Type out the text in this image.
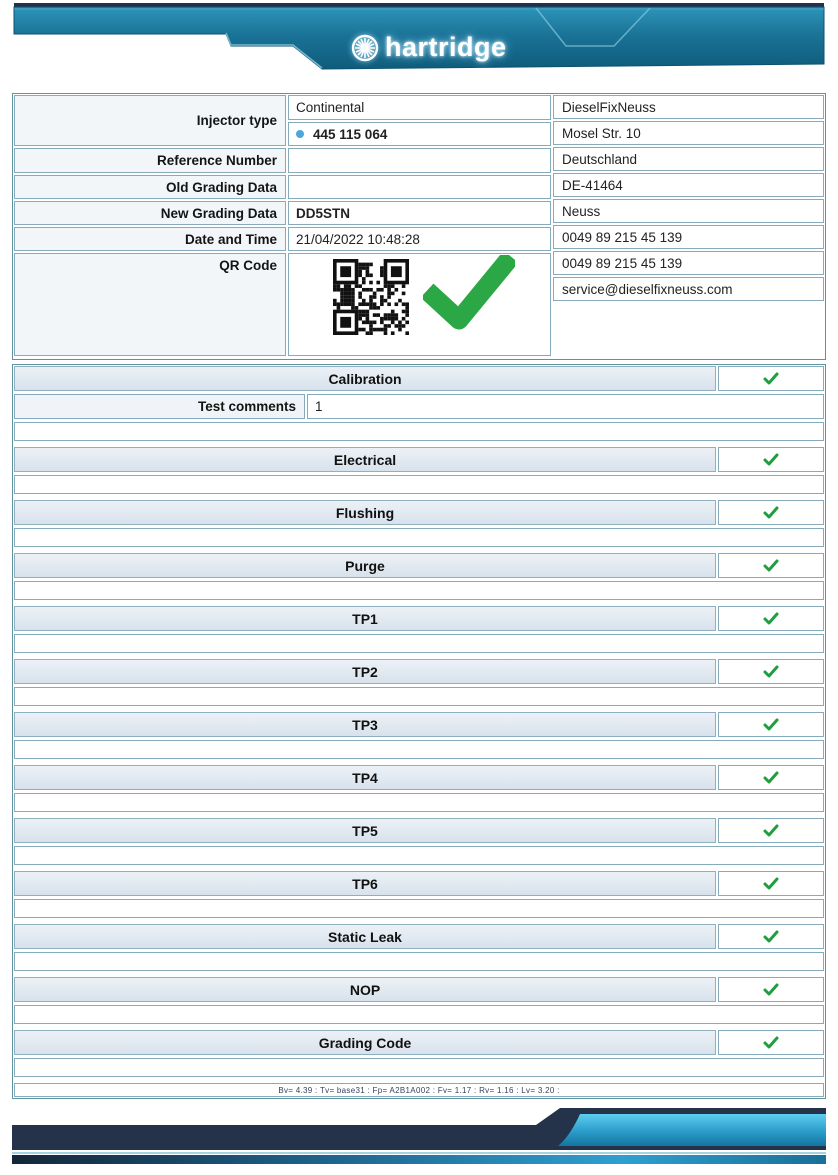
hartridge
Injector type
Reference Number
Old Grading Data
New Grading Data
Date and Time
QR Code
Continental
445 115 064
DD5STN
21/04/2022 10:48:28
DieselFixNeuss
Mosel Str. 10
Deutschland
DE-41464
Neuss
0049 89 215 45 139
0049 89 215 45 139
service@dieselfixneuss.com
Calibration
Test comments	1
Electrical
Flushing
Purge
TP1
TP2
TP3
TP4
TP5
TP6
Static Leak
NOP
Grading Code
Bv= 4.39 : Tv= base31 : Fp= A2B1A002 : Fv= 1.17 : Rv= 1.16 : Lv= 3.20 :
